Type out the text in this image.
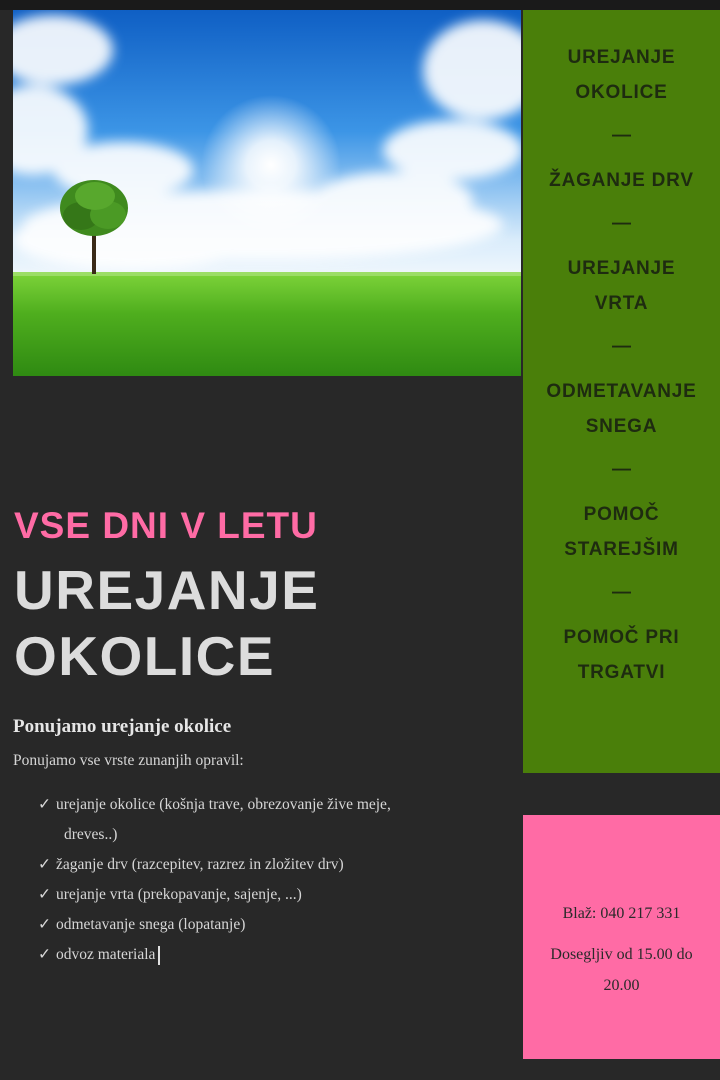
UREJANJE
OKOLICE
—
ŽAGANJE DRV
—
UREJANJE
VRTA
—
ODMETAVANJE
SNEGA
—
POMOČ
STAREJŠIM
—
POMOČ PRI
TRGATVI
VSE DNI V LETU
UREJANJE
OKOLICE
Ponujamo urejanje okolice
Ponujamo vse vrste zunanjih opravil:
✓ urejanje okolice (košnja trave, obrezovanje žive meje,
dreves..)
✓ žaganje drv (razcepitev, razrez in zložitev drv)
✓ urejanje vrta (prekopavanje, sajenje, ...)
✓ odmetavanje snega (lopatanje)
✓ odvoz materiala
Blaž: 040 217 331
Dosegljiv od 15.00 do 20.00
